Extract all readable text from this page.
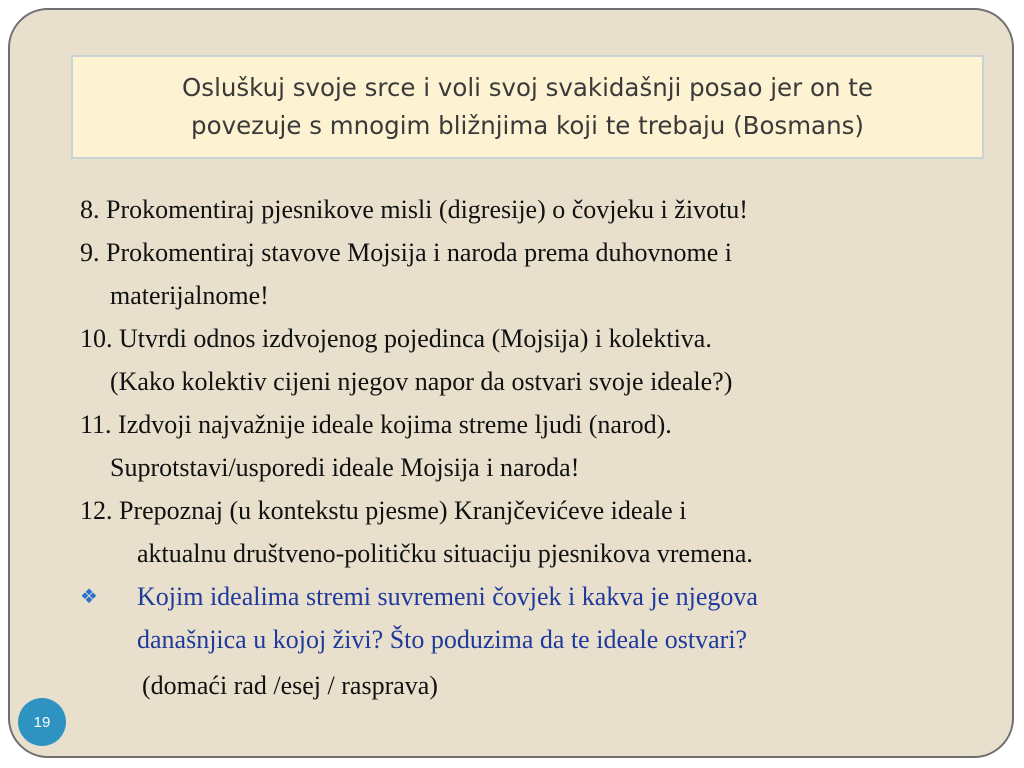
Osluškuj svoje srce i voli svoj svakidašnji posao jer on te
povezuje s mnogim bližnjima koji te trebaju (Bosmans)
8. Prokomentiraj pjesnikove misli (digresije) o čovjeku i životu!
9. Prokomentiraj stavove Mojsija i naroda prema duhovnome i
materijalnome!
10. Utvrdi odnos izdvojenog pojedinca (Mojsija) i kolektiva.
(Kako kolektiv cijeni njegov napor da ostvari svoje ideale?)
11. Izdvoji najvažnije ideale kojima streme ljudi (narod).
Suprotstavi/usporedi ideale Mojsija i naroda!
12. Prepoznaj (u kontekstu pjesme) Kranjčevićeve ideale i
aktualnu društveno-političku situaciju pjesnikova vremena.
❖	Kojim idealima stremi suvremeni čovjek i kakva je njegova
današnjica u kojoj živi? Što poduzima da te ideale ostvari?
(domaći rad /esej / rasprava)
19
